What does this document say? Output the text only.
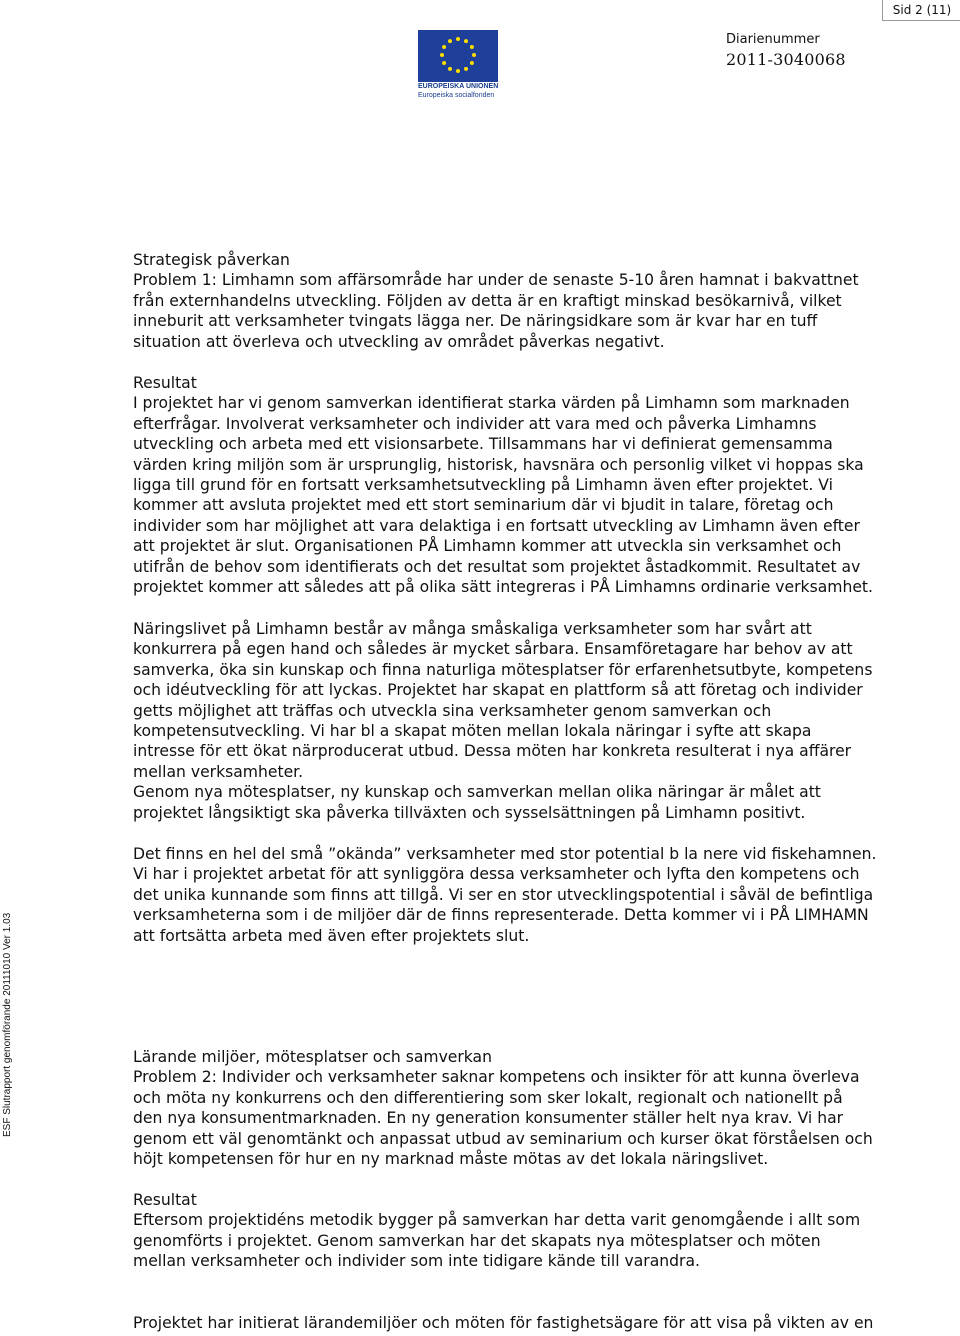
Sid 2 (11)
EUROPEISKA UNIONEN
Europeiska socialfonden
Diarienummer
2011-3040068
ESF Slutrapport genomförande 20111010 Ver 1.03

Strategisk påverkan
Problem 1: Limhamn som affärsområde har under de senaste 5-10 åren hamnat i bakvattnet
från externhandelns utveckling. Följden av detta är en kraftigt minskad besökarnivå, vilket
inneburit att verksamheter tvingats lägga ner. De näringsidkare som är kvar har en tuff
situation att överleva och utveckling av området påverkas negativt.

Resultat
I projektet har vi genom samverkan identifierat starka värden på Limhamn som marknaden
efterfrågar. Involverat verksamheter och individer att vara med och påverka Limhamns
utveckling och arbeta med ett visionsarbete. Tillsammans har vi definierat gemensamma
värden kring miljön som är ursprunglig, historisk, havsnära och personlig vilket vi hoppas ska
ligga till grund för en fortsatt verksamhetsutveckling på Limhamn även efter projektet. Vi
kommer att avsluta projektet med ett stort seminarium där vi bjudit in talare, företag och
individer som har möjlighet att vara delaktiga i en fortsatt utveckling av Limhamn även efter
att projektet är slut. Organisationen PÅ Limhamn kommer att utveckla sin verksamhet och
utifrån de behov som identifierats och det resultat som projektet åstadkommit. Resultatet av
projektet kommer att således att på olika sätt integreras i PÅ Limhamns ordinarie verksamhet.

Näringslivet på Limhamn består av många småskaliga verksamheter som har svårt att
konkurrera på egen hand och således är mycket sårbara. Ensamföretagare har behov av att
samverka, öka sin kunskap och finna naturliga mötesplatser för erfarenhetsutbyte, kompetens
och idéutveckling för att lyckas. Projektet har skapat en plattform så att företag och individer
getts möjlighet att träffas och utveckla sina verksamheter genom samverkan och
kompetensutveckling. Vi har bl a skapat möten mellan lokala näringar i syfte att skapa
intresse för ett ökat närproducerat utbud. Dessa möten har konkreta resulterat i nya affärer
mellan verksamheter.
Genom nya mötesplatser, ny kunskap och samverkan mellan olika näringar är målet att
projektet långsiktigt ska påverka tillväxten och sysselsättningen på Limhamn positivt.

Det finns en hel del små ”okända” verksamheter med stor potential b la nere vid fiskehamnen.
Vi har i projektet arbetat för att synliggöra dessa verksamheter och lyfta den kompetens och
det unika kunnande som finns att tillgå. Vi ser en stor utvecklingspotential i såväl de befintliga
verksamheterna som i de miljöer där de finns representerade. Detta kommer vi i PÅ LIMHAMN
att fortsätta arbeta med även efter projektets slut.

Lärande miljöer, mötesplatser och samverkan
Problem 2: Individer och verksamheter saknar kompetens och insikter för att kunna överleva
och möta ny konkurrens och den differentiering som sker lokalt, regionalt och nationellt på
den nya konsumentmarknaden. En ny generation konsumenter ställer helt nya krav. Vi har
genom ett väl genomtänkt och anpassat utbud av seminarium och kurser ökat förståelsen och
höjt kompetensen för hur en ny marknad måste mötas av det lokala näringslivet.

Resultat
Eftersom projektidéns metodik bygger på samverkan har detta varit genomgående i allt som
genomförts i projektet. Genom samverkan har det skapats nya mötesplatser och möten
mellan verksamheter och individer som inte tidigare kände till varandra.

Projektet har initierat lärandemiljöer och möten för fastighetsägare för att visa på vikten av en
